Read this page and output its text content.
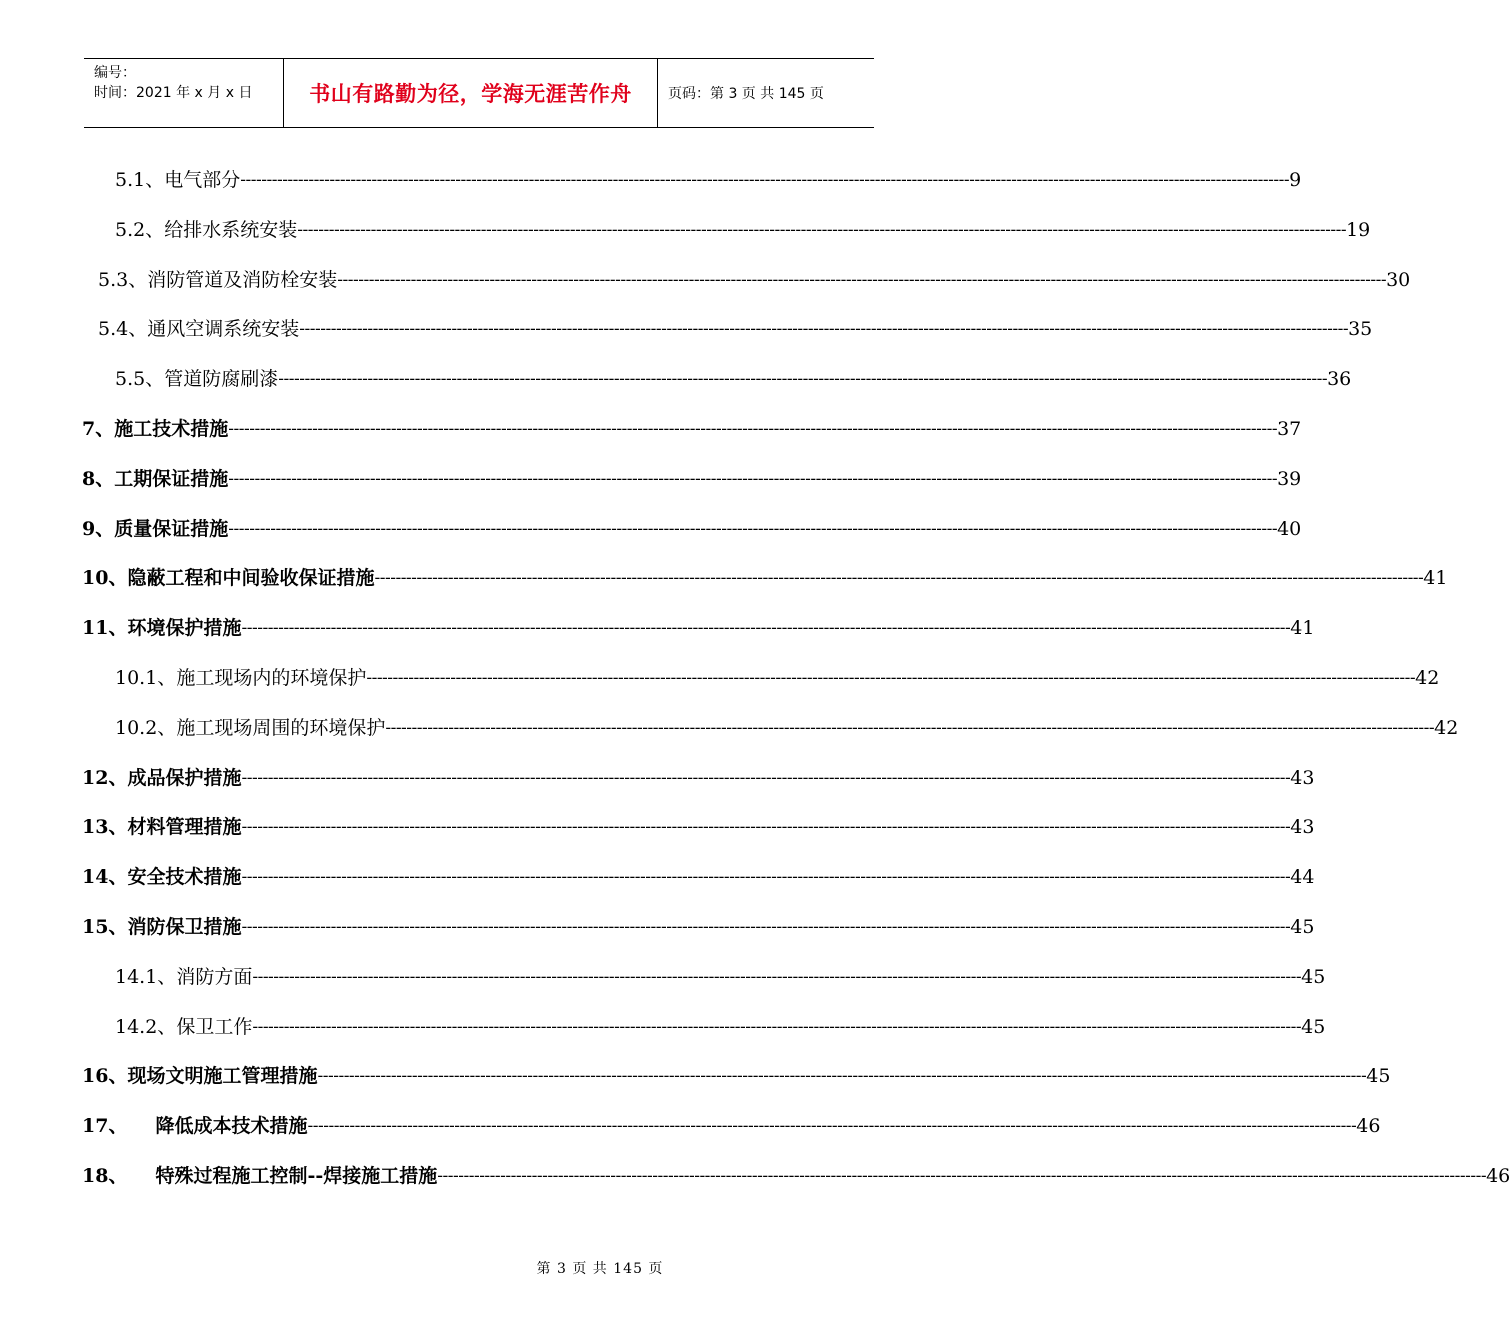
编号：
时间：2021 年 x 月 x 日	书山有路勤为径，学海无涯苦作舟	页码：第 3 页 共 145 页
5.1、 电气部分 -------------------------------------------------------------------------------------------------------------------------------------------------------------------------------------------------------- 9
5.2、 给排水系统安装 -------------------------------------------------------------------------------------------------------------------------------------------------------------------------------------------------------- 19
5.3、 消防管道及消防栓安装 -------------------------------------------------------------------------------------------------------------------------------------------------------------------------------------------------------- 30
5.4、 通风空调系统安装 -------------------------------------------------------------------------------------------------------------------------------------------------------------------------------------------------------- 35
5.5、 管道防腐刷漆 -------------------------------------------------------------------------------------------------------------------------------------------------------------------------------------------------------- 36
7、 施工技术措施 -------------------------------------------------------------------------------------------------------------------------------------------------------------------------------------------------------- 37
8、 工期保证措施 -------------------------------------------------------------------------------------------------------------------------------------------------------------------------------------------------------- 39
9、 质量保证措施 -------------------------------------------------------------------------------------------------------------------------------------------------------------------------------------------------------- 40
10、 隐蔽工程和中间验收保证措施 -------------------------------------------------------------------------------------------------------------------------------------------------------------------------------------------------------- 41
11、 环境保护措施 -------------------------------------------------------------------------------------------------------------------------------------------------------------------------------------------------------- 41
10.1、 施工现场内的环境保护 -------------------------------------------------------------------------------------------------------------------------------------------------------------------------------------------------------- 42
10.2、 施工现场周围的环境保护 -------------------------------------------------------------------------------------------------------------------------------------------------------------------------------------------------------- 42
12、 成品保护措施 -------------------------------------------------------------------------------------------------------------------------------------------------------------------------------------------------------- 43
13、 材料管理措施 -------------------------------------------------------------------------------------------------------------------------------------------------------------------------------------------------------- 43
14、 安全技术措施 -------------------------------------------------------------------------------------------------------------------------------------------------------------------------------------------------------- 44
15、 消防保卫措施 -------------------------------------------------------------------------------------------------------------------------------------------------------------------------------------------------------- 45
14.1、 消防方面 -------------------------------------------------------------------------------------------------------------------------------------------------------------------------------------------------------- 45
14.2、 保卫工作 -------------------------------------------------------------------------------------------------------------------------------------------------------------------------------------------------------- 45
16、 现场文明施工管理措施 -------------------------------------------------------------------------------------------------------------------------------------------------------------------------------------------------------- 45
17、 降低成本技术措施 -------------------------------------------------------------------------------------------------------------------------------------------------------------------------------------------------------- 46
18、 特殊过程施工控制--焊接施工措施 -------------------------------------------------------------------------------------------------------------------------------------------------------------------------------------------------------- 46
第 3 页 共 145 页
